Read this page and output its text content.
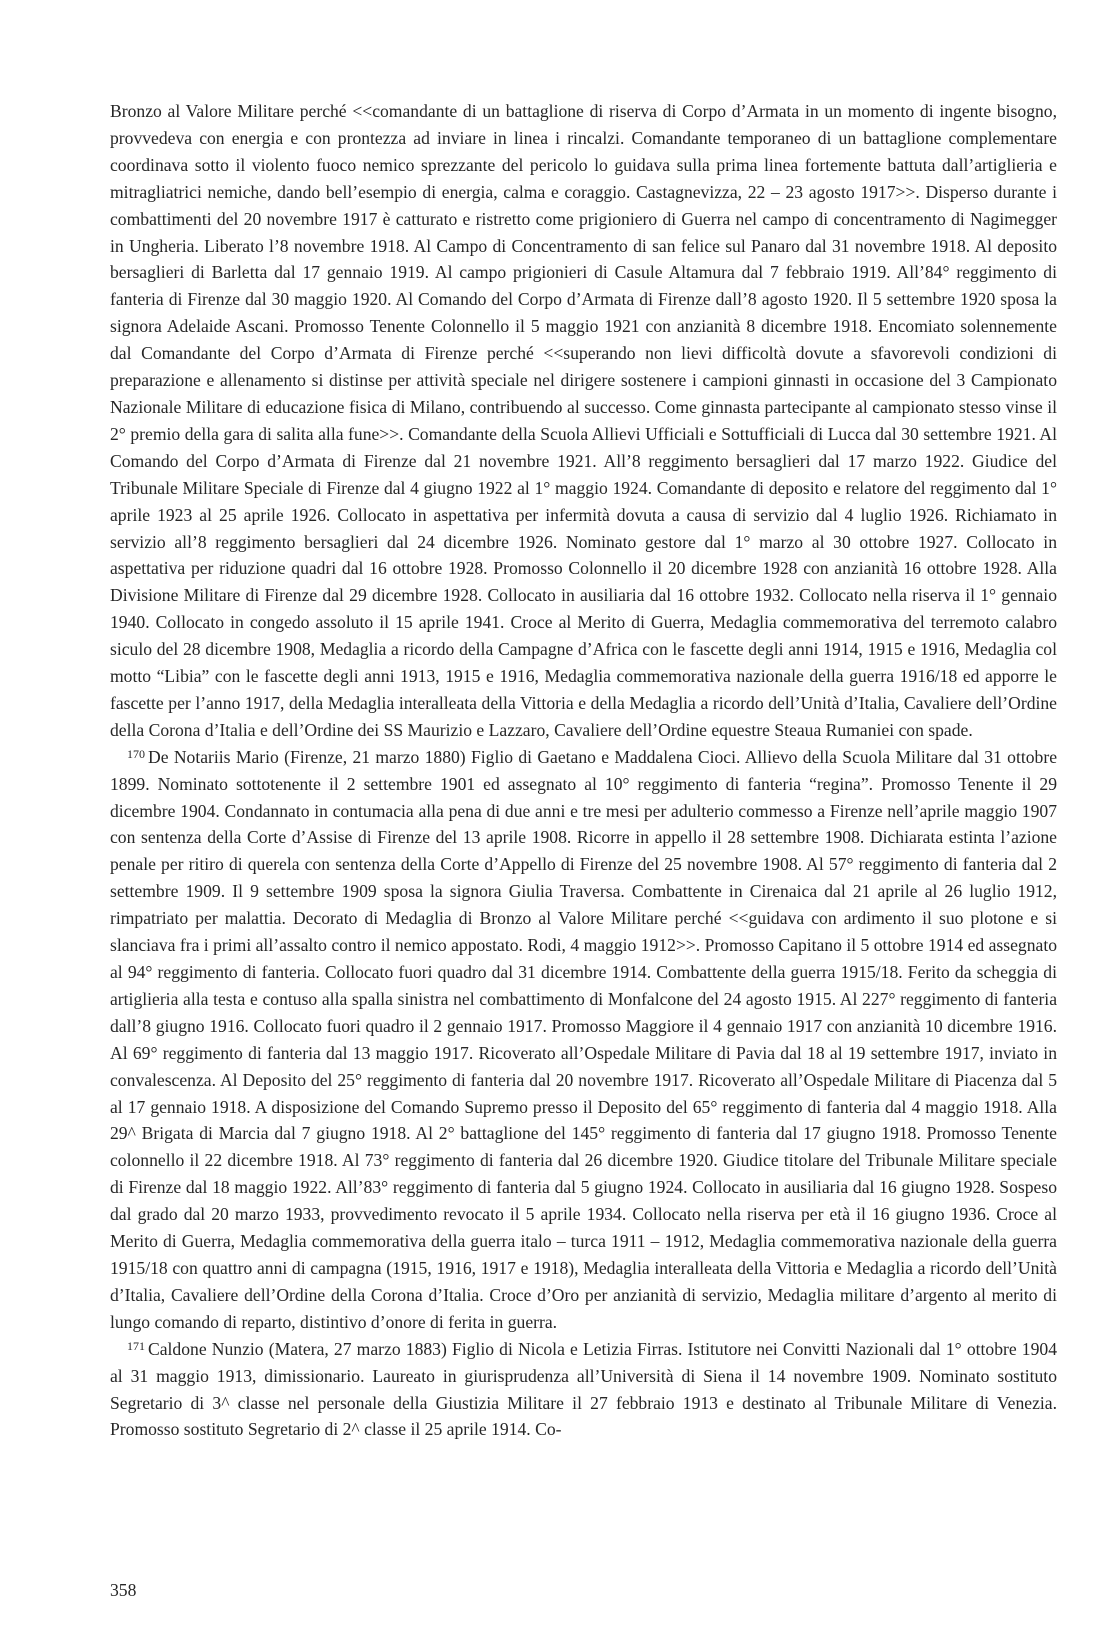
Bronzo al Valore Militare perché <<comandante di un battaglione di riserva di Corpo d’Armata in un momento di ingente bisogno, provvedeva con energia e con prontezza ad inviare in linea i rincalzi. Comandante temporaneo di un battaglione complementare coordinava sotto il violento fuoco nemico sprezzante del pericolo lo guidava sulla prima linea fortemente battuta dall’artiglieria e mitragliatrici nemiche, dando bell’esempio di energia, calma e coraggio. Castagnevizza, 22 – 23 agosto 1917>>. Disperso durante i combattimenti del 20 novembre 1917 è catturato e ristretto come prigioniero di Guerra nel campo di concentramento di Nagimegger in Ungheria. Liberato l’8 novembre 1918. Al Campo di Concentramento di san felice sul Panaro dal 31 novembre 1918. Al deposito bersaglieri di Barletta dal 17 gennaio 1919. Al campo prigionieri di Casule Altamura dal 7 febbraio 1919. All’84° reggimento di fanteria di Firenze dal 30 maggio 1920. Al Comando del Corpo d’Armata di Firenze dall’8 agosto 1920. Il 5 settembre 1920 sposa la signora Adelaide Ascani. Promosso Tenente Colonnello il 5 maggio 1921 con anzianità 8 dicembre 1918. Encomiato solennemente dal Comandante del Corpo d’Armata di Firenze perché <<superando non lievi difficoltà dovute a sfavorevoli condizioni di preparazione e allenamento si distinse per attività speciale nel dirigere sostenere i campioni ginnasti in occasione del 3 Campionato Nazionale Militare di educazione fisica di Milano, contribuendo al successo. Come ginnasta partecipante al campionato stesso vinse il 2° premio della gara di salita alla fune>>. Comandante della Scuola Allievi Ufficiali e Sottufficiali di Lucca dal 30 settembre 1921. Al Comando del Corpo d’Armata di Firenze dal 21 novembre 1921. All’8 reggimento bersaglieri dal 17 marzo 1922. Giudice del Tribunale Militare Speciale di Firenze dal 4 giugno 1922 al 1° maggio 1924. Comandante di deposito e relatore del reggimento dal 1° aprile 1923 al 25 aprile 1926. Collocato in aspettativa per infermità dovuta a causa di servizio dal 4 luglio 1926. Richiamato in servizio all’8 reggimento bersaglieri dal 24 dicembre 1926. Nominato gestore dal 1° marzo al 30 ottobre 1927. Collocato in aspettativa per riduzione quadri dal 16 ottobre 1928. Promosso Colonnello il 20 dicembre 1928 con anzianità 16 ottobre 1928. Alla Divisione Militare di Firenze dal 29 dicembre 1928. Collocato in ausiliaria dal 16 ottobre 1932. Collocato nella riserva il 1° gennaio 1940. Collocato in congedo assoluto il 15 aprile 1941. Croce al Merito di Guerra, Medaglia commemorativa del terremoto calabro siculo del 28 dicembre 1908, Medaglia a ricordo della Campagne d’Africa con le fascette degli anni 1914, 1915 e 1916, Medaglia col motto “Libia” con le fascette degli anni 1913, 1915 e 1916, Medaglia commemorativa nazionale della guerra 1916/18 ed apporre le fascette per l’anno 1917, della Medaglia interalleata della Vittoria e della Medaglia a ricordo dell’Unità d’Italia, Cavaliere dell’Ordine della Corona d’Italia e dell’Ordine dei SS Maurizio e Lazzaro, Cavaliere dell’Ordine equestre Steaua Rumaniei con spade.

$^{170}$ De Notariis Mario (Firenze, 21 marzo 1880) Figlio di Gaetano e Maddalena Cioci. Allievo della Scuola Militare dal 31 ottobre 1899. Nominato sottotenente il 2 settembre 1901 ed assegnato al 10° reggimento di fanteria “regina”. Promosso Tenente il 29 dicembre 1904. Condannato in contumacia alla pena di due anni e tre mesi per adulterio commesso a Firenze nell’aprile maggio 1907 con sentenza della Corte d’Assise di Firenze del 13 aprile 1908. Ricorre in appello il 28 settembre 1908. Dichiarata estinta l’azione penale per ritiro di querela con sentenza della Corte d’Appello di Firenze del 25 novembre 1908. Al 57° reggimento di fanteria dal 2 settembre 1909. Il 9 settembre 1909 sposa la signora Giulia Traversa. Combattente in Cirenaica dal 21 aprile al 26 luglio 1912, rimpatriato per malattia. Decorato di Medaglia di Bronzo al Valore Militare perché <<guidava con ardimento il suo plotone e si slanciava fra i primi all’assalto contro il nemico appostato. Rodi, 4 maggio 1912>>. Promosso Capitano il 5 ottobre 1914 ed assegnato al 94° reggimento di fanteria. Collocato fuori quadro dal 31 dicembre 1914. Combattente della guerra 1915/18. Ferito da scheggia di artiglieria alla testa e contuso alla spalla sinistra nel combattimento di Monfalcone del 24 agosto 1915. Al 227° reggimento di fanteria dall’8 giugno 1916. Collocato fuori quadro il 2 gennaio 1917. Promosso Maggiore il 4 gennaio 1917 con anzianità 10 dicembre 1916. Al 69° reggimento di fanteria dal 13 maggio 1917. Ricoverato all’Ospedale Militare di Pavia dal 18 al 19 settembre 1917, inviato in convalescenza. Al Deposito del 25° reggimento di fanteria dal 20 novembre 1917. Ricoverato all’Ospedale Militare di Piacenza dal 5 al 17 gennaio 1918. A disposizione del Comando Supremo presso il Deposito del 65° reggimento di fanteria dal 4 maggio 1918. Alla 29^ Brigata di Marcia dal 7 giugno 1918. Al 2° battaglione del 145° reggimento di fanteria dal 17 giugno 1918. Promosso Tenente colonnello il 22 dicembre 1918. Al 73° reggimento di fanteria dal 26 dicembre 1920. Giudice titolare del Tribunale Militare speciale di Firenze dal 18 maggio 1922. All’83° reggimento di fanteria dal 5 giugno 1924. Collocato in ausiliaria dal 16 giugno 1928. Sospeso dal grado dal 20 marzo 1933, provvedimento revocato il 5 aprile 1934. Collocato nella riserva per età il 16 giugno 1936. Croce al Merito di Guerra, Medaglia commemorativa della guerra italo – turca 1911 – 1912, Medaglia commemorativa nazionale della guerra 1915/18 con quattro anni di campagna (1915, 1916, 1917 e 1918), Medaglia interalleata della Vittoria e Medaglia a ricordo dell’Unità d’Italia, Cavaliere dell’Ordine della Corona d’Italia. Croce d’Oro per anzianità di servizio, Medaglia militare d’argento al merito di lungo comando di reparto, distintivo d’onore di ferita in guerra.

$^{171}$ Caldone Nunzio (Matera, 27 marzo 1883) Figlio di Nicola e Letizia Firras. Istitutore nei Convitti Nazionali dal 1° ottobre 1904 al 31 maggio 1913, dimissionario. Laureato in giurisprudenza all’Università di Siena il 14 novembre 1909. Nominato sostituto Segretario di 3^ classe nel personale della Giustizia Militare il 27 febbraio 1913 e destinato al Tribunale Militare di Venezia. Promosso sostituto Segretario di 2^ classe il 25 aprile 1914. Co-

358
